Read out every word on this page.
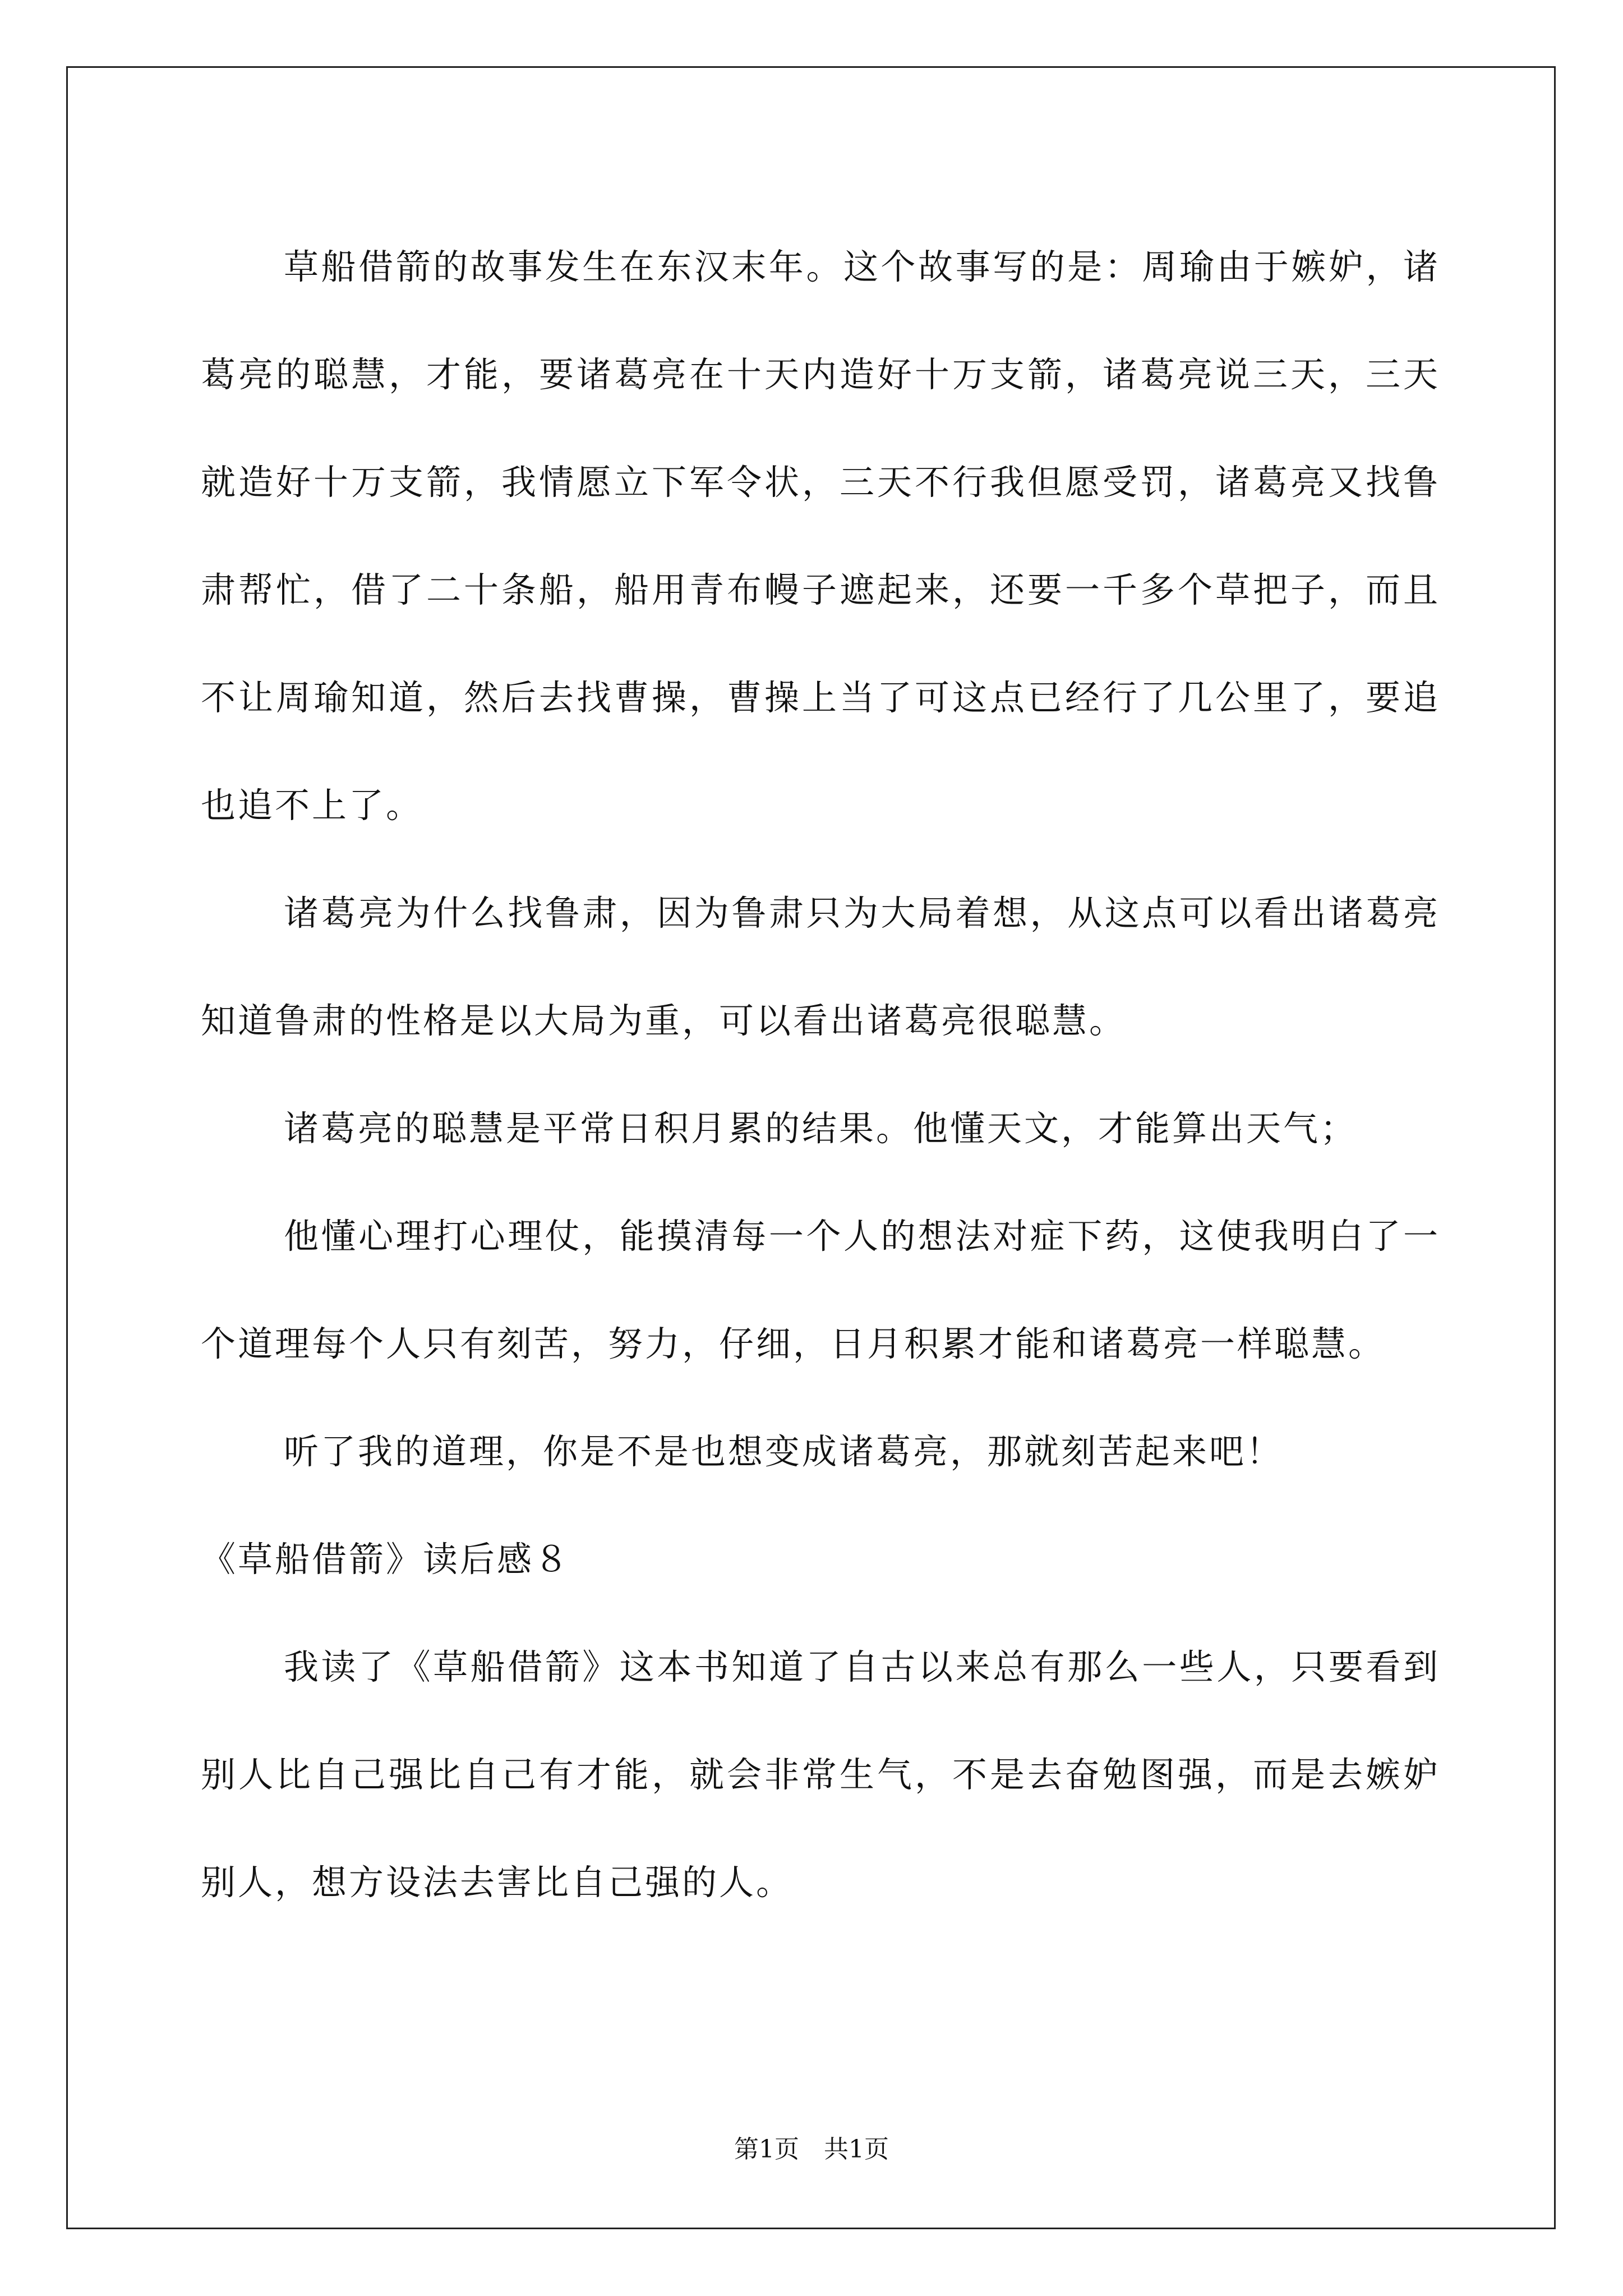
草船借箭的故事发生在东汉末年。这个故事写的是：周瑜由于嫉妒，诸葛亮的聪慧，才能，要诸葛亮在十天内造好十万支箭，诸葛亮说三天，三天就造好十万支箭，我情愿立下军令状，三天不行我但愿受罚，诸葛亮又找鲁肃帮忙，借了二十条船，船用青布幔子遮起来，还要一千多个草把子，而且不让周瑜知道，然后去找曹操，曹操上当了可这点已经行了几公里了，要追也追不上了。

诸葛亮为什么找鲁肃，因为鲁肃只为大局着想，从这点可以看出诸葛亮知道鲁肃的性格是以大局为重，可以看出诸葛亮很聪慧。

诸葛亮的聪慧是平常日积月累的结果。他懂天文，才能算出天气；

他懂心理打心理仗，能摸清每一个人的想法对症下药，这使我明白了一个道理每个人只有刻苦，努力，仔细，日月积累才能和诸葛亮一样聪慧。

听了我的道理，你是不是也想变成诸葛亮，那就刻苦起来吧！

《草船借箭》读后感８

我读了《草船借箭》这本书知道了自古以来总有那么一些人，只要看到别人比自己强比自己有才能，就会非常生气，不是去奋勉图强，而是去嫉妒别人，想方设法去害比自己强的人。

第1页　共1页
